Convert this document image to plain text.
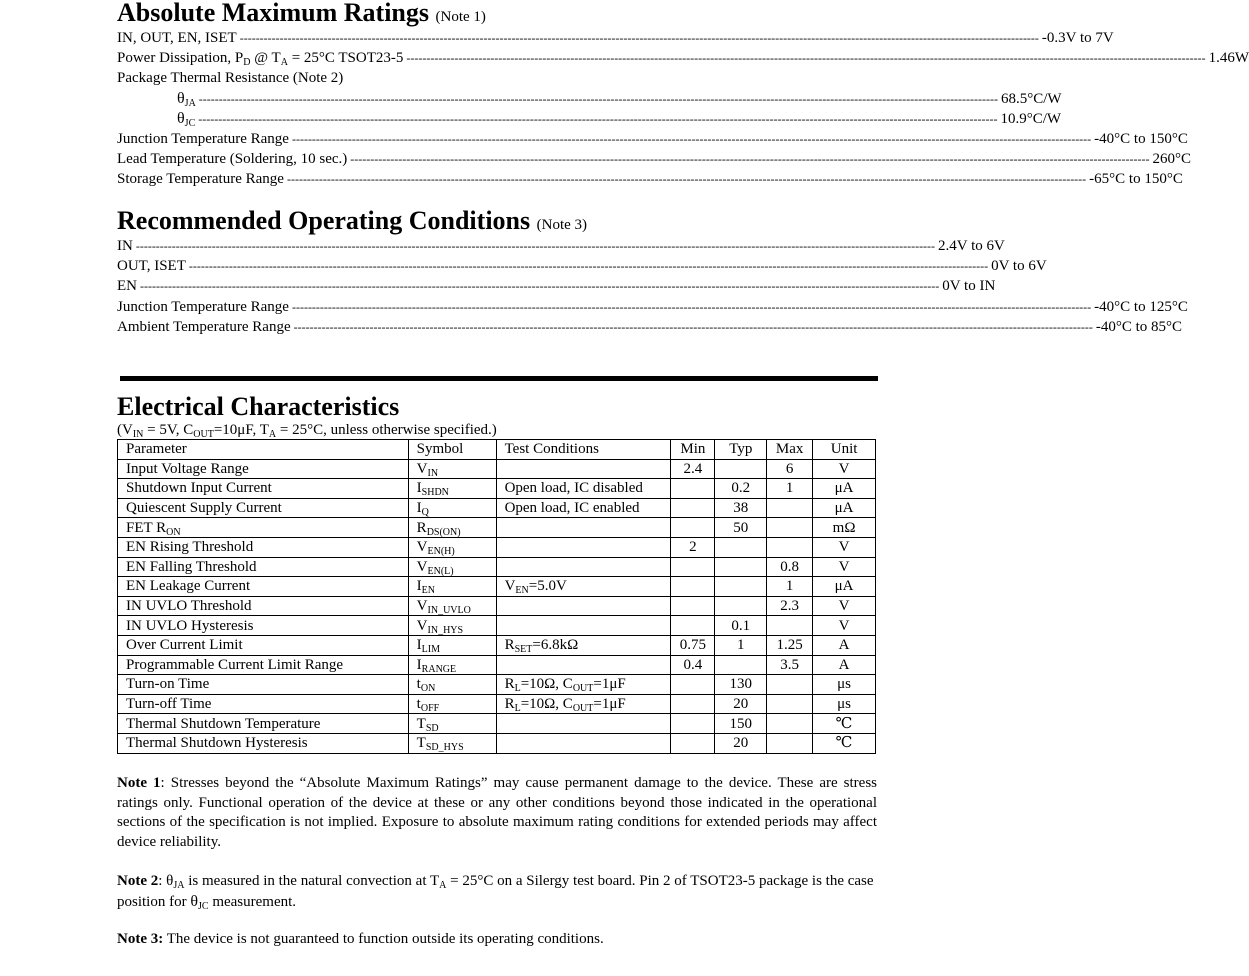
Absolute Maximum Ratings (Note 1)
IN, OUT, EN, ISET -------------------------------------------------------------------------------------------------------------------------------------------------------------------------------------------------------- -0.3V to 7V
Power Dissipation, $P_D$ @ $T_A = 25^\circ C$ TSOT23-5 -------------------------------------------------------------------------------------------------------------------------------------------------------------------------------------------------------- 1.46W
Package Thermal Resistance (Note 2)
$\theta_{JA}$ -------------------------------------------------------------------------------------------------------------------------------------------------------------------------------------------------------- 68.5°C/W
$\theta_{JC}$ -------------------------------------------------------------------------------------------------------------------------------------------------------------------------------------------------------- 10.9°C/W
Junction Temperature Range -------------------------------------------------------------------------------------------------------------------------------------------------------------------------------------------------------- -40°C to 150°C
Lead Temperature (Soldering, 10 sec.) -------------------------------------------------------------------------------------------------------------------------------------------------------------------------------------------------------- 260°C
Storage Temperature Range -------------------------------------------------------------------------------------------------------------------------------------------------------------------------------------------------------- -65°C to 150°C
Recommended Operating Conditions (Note 3)
IN -------------------------------------------------------------------------------------------------------------------------------------------------------------------------------------------------------- 2.4V to 6V
OUT, ISET -------------------------------------------------------------------------------------------------------------------------------------------------------------------------------------------------------- 0V to 6V
EN -------------------------------------------------------------------------------------------------------------------------------------------------------------------------------------------------------- 0V to IN
Junction Temperature Range -------------------------------------------------------------------------------------------------------------------------------------------------------------------------------------------------------- -40°C to 125°C
Ambient Temperature Range -------------------------------------------------------------------------------------------------------------------------------------------------------------------------------------------------------- -40°C to 85°C
Electrical Characteristics
($V_{IN} = 5V$, $C_{OUT}=10\mu F$, $T_A = 25^\circ C$, unless otherwise specified.)
Parameter	Symbol	Test Conditions	Min	Typ	Max	Unit
Input Voltage Range	$V_{IN}$		2.4		6	V
Shutdown Input Current	$I_{SHDN}$	Open load, IC disabled		0.2	1	μA
Quiescent Supply Current	$I_Q$	Open load, IC enabled		38		μA
FET $R_{ON}$	$R_{DS(ON)}$			50		mΩ
EN Rising Threshold	$V_{EN(H)}$		2			V
EN Falling Threshold	$V_{EN(L)}$				0.8	V
EN Leakage Current	$I_{EN}$	$V_{EN}=5.0V$			1	μA
IN UVLO Threshold	$V_{IN\_UVLO}$				2.3	V
IN UVLO Hysteresis	$V_{IN\_HYS}$			0.1		V
Over Current Limit	$I_{LIM}$	$R_{SET}=6.8k\Omega$	0.75	1	1.25	A
Programmable Current Limit Range	$I_{RANGE}$		0.4		3.5	A
Turn-on Time	$t_{ON}$	$R_L=10\Omega$, $C_{OUT}=1\mu F$		130		μs
Turn-off Time	$t_{OFF}$	$R_L=10\Omega$, $C_{OUT}=1\mu F$		20		μs
Thermal Shutdown Temperature	$T_{SD}$			150		℃
Thermal Shutdown Hysteresis	$T_{SD\_HYS}$			20		℃

Note 1: Stresses beyond the “Absolute Maximum Ratings” may cause permanent damage to the device. These are stress ratings only. Functional operation of the device at these or any other conditions beyond those indicated in the operational sections of the specification is not implied. Exposure to absolute maximum rating conditions for extended periods may affect device reliability.

Note 2: $\theta_{JA}$ is measured in the natural convection at $T_A = 25^\circ C$ on a Silergy test board. Pin 2 of TSOT23-5 package is the case position for $\theta_{JC}$ measurement.

Note 3: The device is not guaranteed to function outside its operating conditions.
